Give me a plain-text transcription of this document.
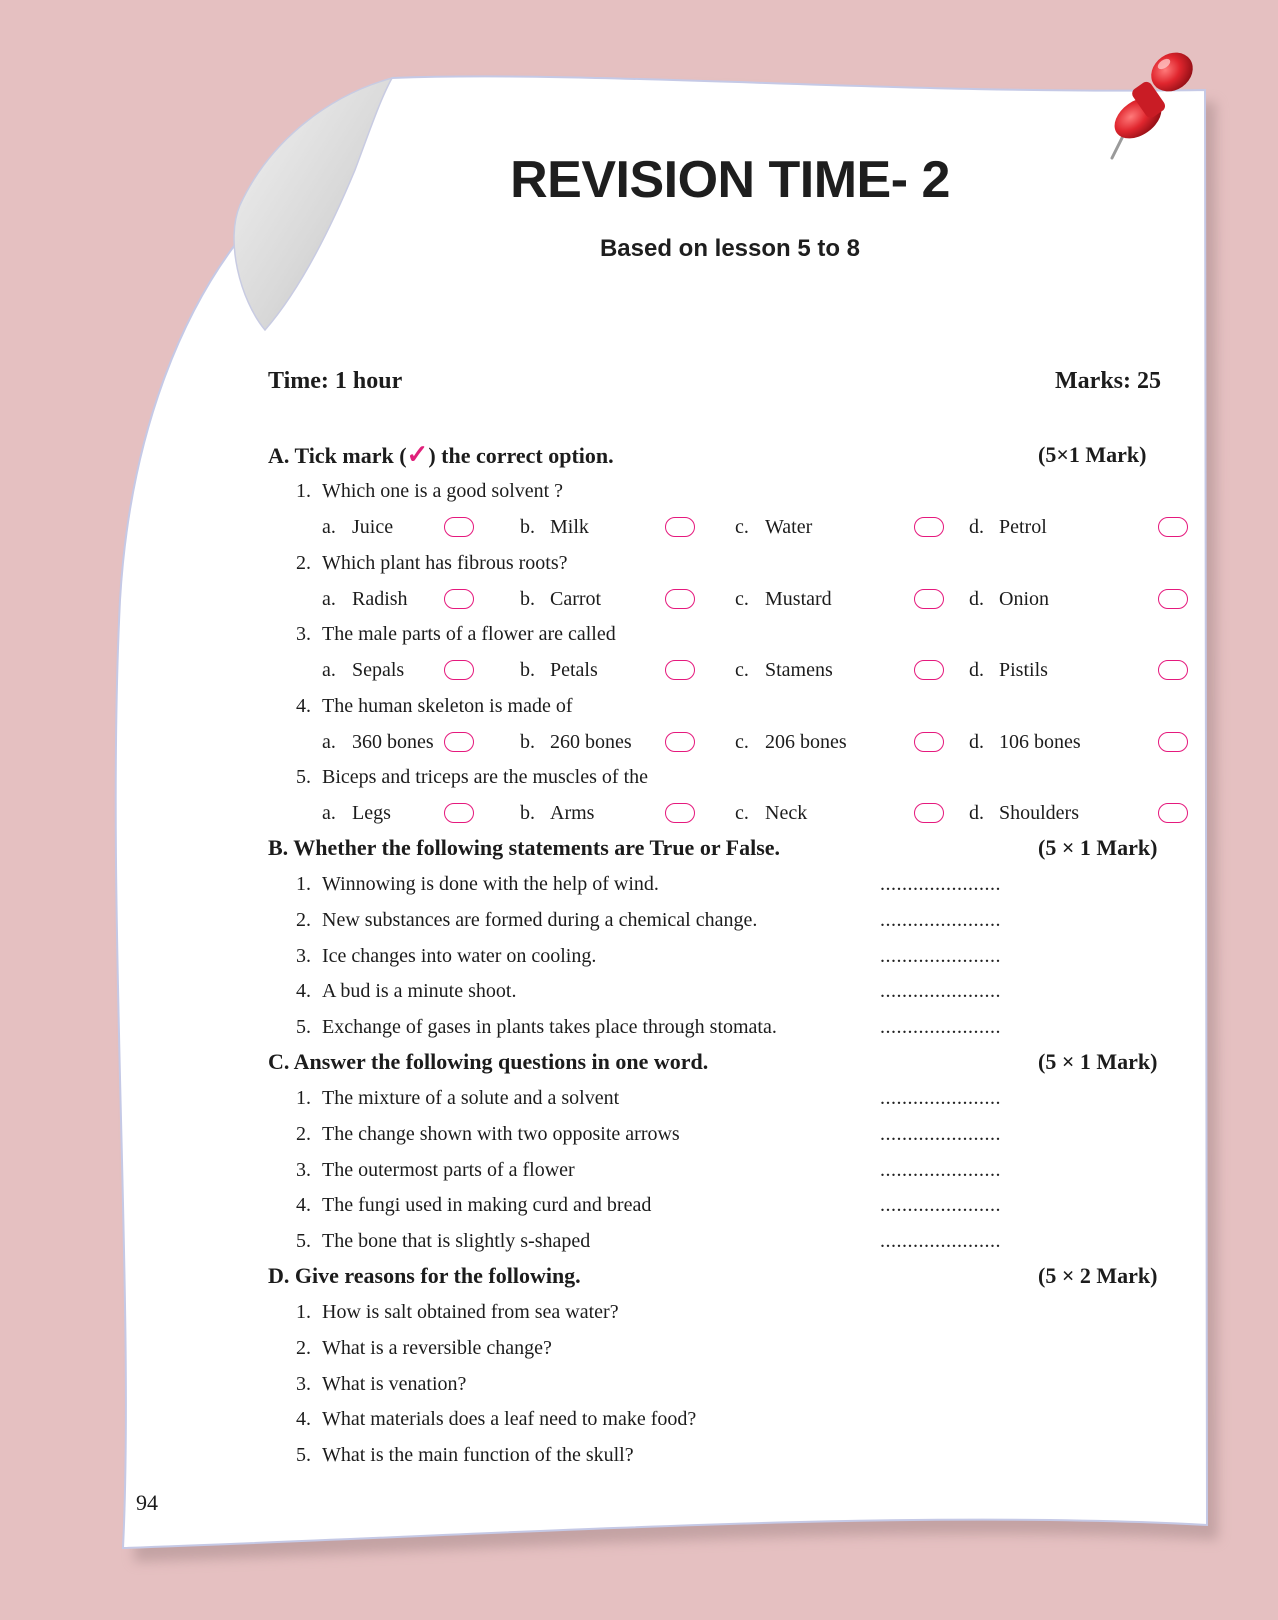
REVISION TIME- 2
Based on lesson 5 to 8
Time: 1 hour	Marks: 25
A. Tick mark (✓) the correct option.	(5×1 Mark)
1. Which one is a good solvent ?
a. Juice	b. Milk	c. Water	d. Petrol
2. Which plant has fibrous roots?
a. Radish	b. Carrot	c. Mustard	d. Onion
3. The male parts of a flower are called
a. Sepals	b. Petals	c. Stamens	d. Pistils
4. The human skeleton is made of
a. 360 bones	b. 260 bones	c. 206 bones	d. 106 bones
5. Biceps and triceps are the muscles of the
a. Legs	b. Arms	c. Neck	d. Shoulders
B. Whether the following statements are True or False.	(5 × 1 Mark)
1. Winnowing is done with the help of wind.	......................
2. New substances are formed during a chemical change.	......................
3. Ice changes into water on cooling.	......................
4. A bud is a minute shoot.	......................
5. Exchange of gases in plants takes place through stomata.	......................
C. Answer the following questions in one word.	(5 × 1 Mark)
1. The mixture of a solute and a solvent	......................
2. The change shown with two opposite arrows	......................
3. The outermost parts of a flower	......................
4. The fungi used in making curd and bread	......................
5. The bone that is slightly s-shaped	......................
D. Give reasons for the following.	(5 × 2 Mark)
1. How is salt obtained from sea water?
2. What is a reversible change?
3. What is venation?
4. What materials does a leaf need to make food?
5. What is the main function of the skull?
94
